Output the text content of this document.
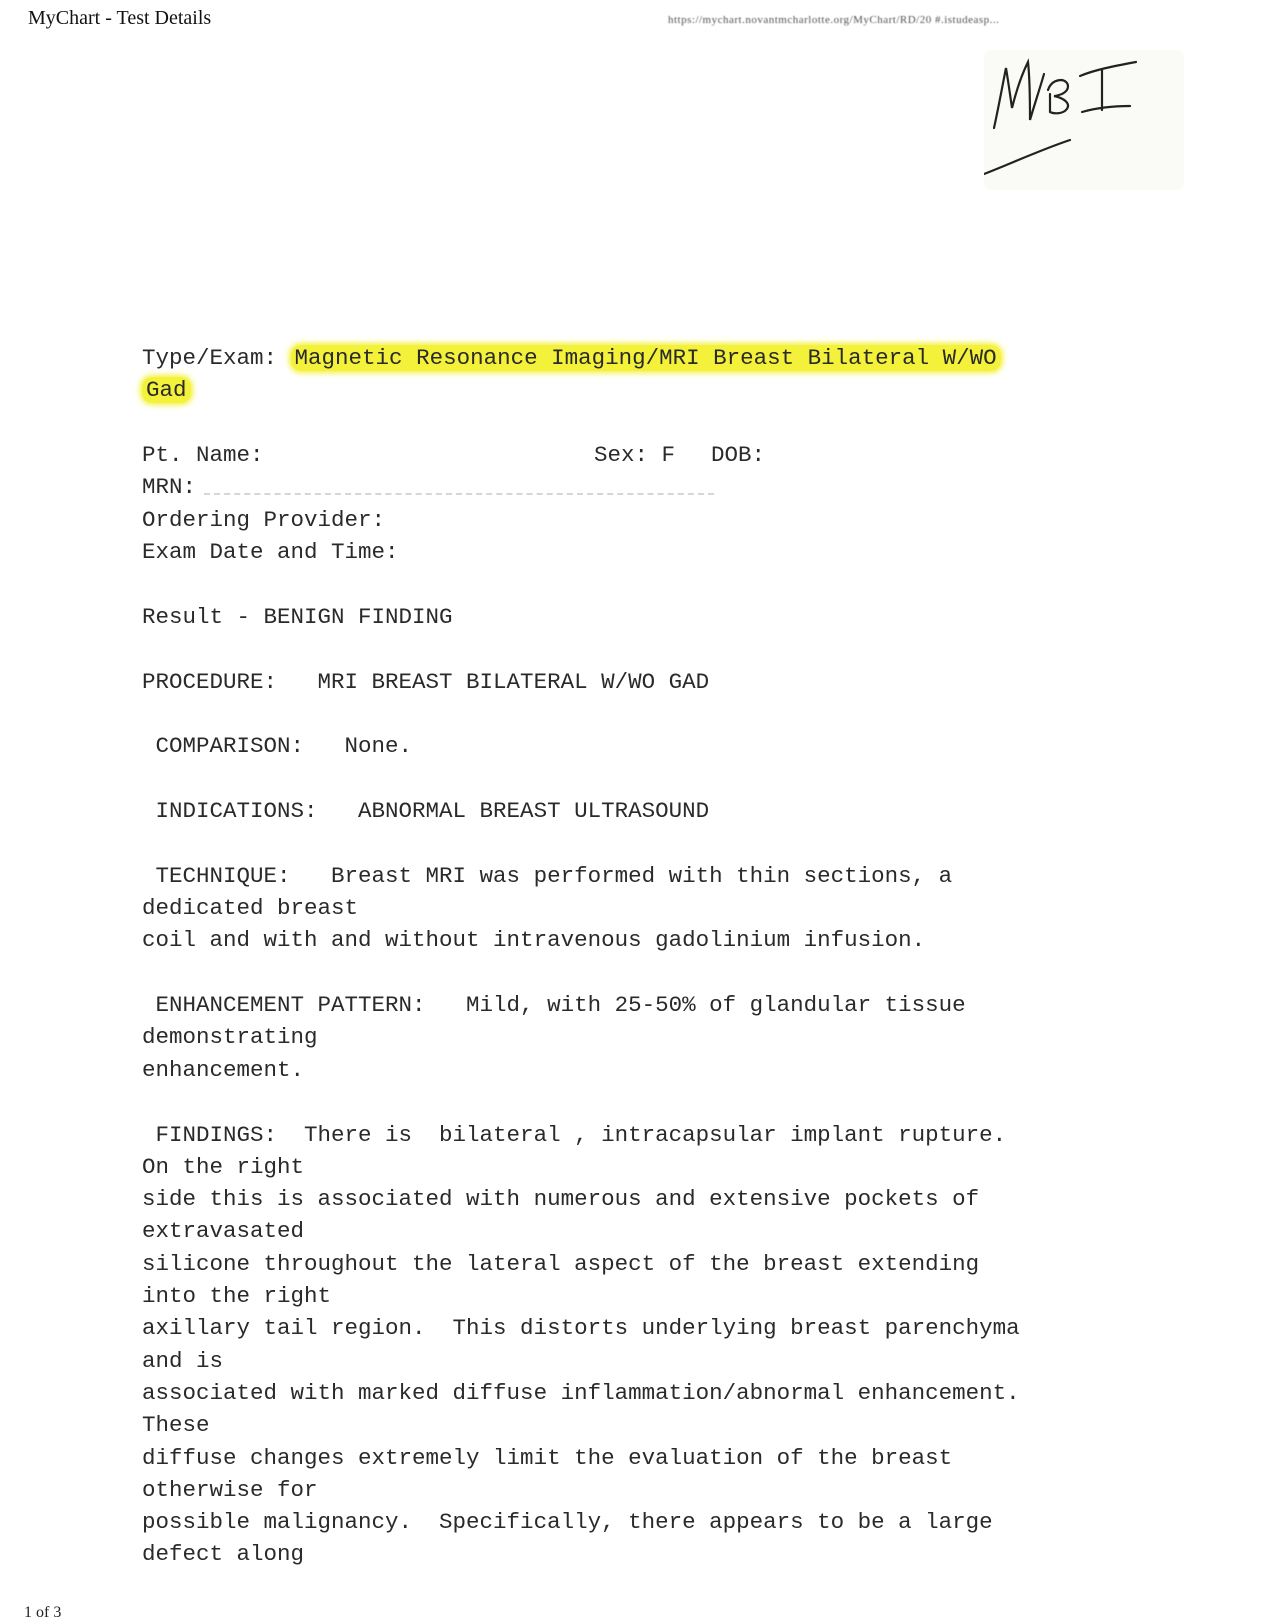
MyChart - Test Details	https://mychart.novantmcharlotte.org/MyChart/RD/20 #.istudeasp...
Type/Exam: Magnetic Resonance Imaging/MRI Breast Bilateral W/WO
Gad
Pt. Name:	Sex: F DOB:
MRN:
Ordering Provider:
Exam Date and Time:
Result - BENIGN FINDING
PROCEDURE:   MRI BREAST BILATERAL W/WO GAD
COMPARISON:   None.
INDICATIONS:   ABNORMAL BREAST ULTRASOUND
TECHNIQUE:   Breast MRI was performed with thin sections, a
dedicated breast
coil and with and without intravenous gadolinium infusion.
ENHANCEMENT PATTERN:   Mild, with 25-50% of glandular tissue
demonstrating
enhancement.
FINDINGS:  There is  bilateral , intracapsular implant rupture.
On the right
side this is associated with numerous and extensive pockets of
extravasated
silicone throughout the lateral aspect of the breast extending
into the right
axillary tail region.  This distorts underlying breast parenchyma
and is
associated with marked diffuse inflammation/abnormal enhancement.
These
diffuse changes extremely limit the evaluation of the breast
otherwise for
possible malignancy.  Specifically, there appears to be a large
defect along
1 of 3
